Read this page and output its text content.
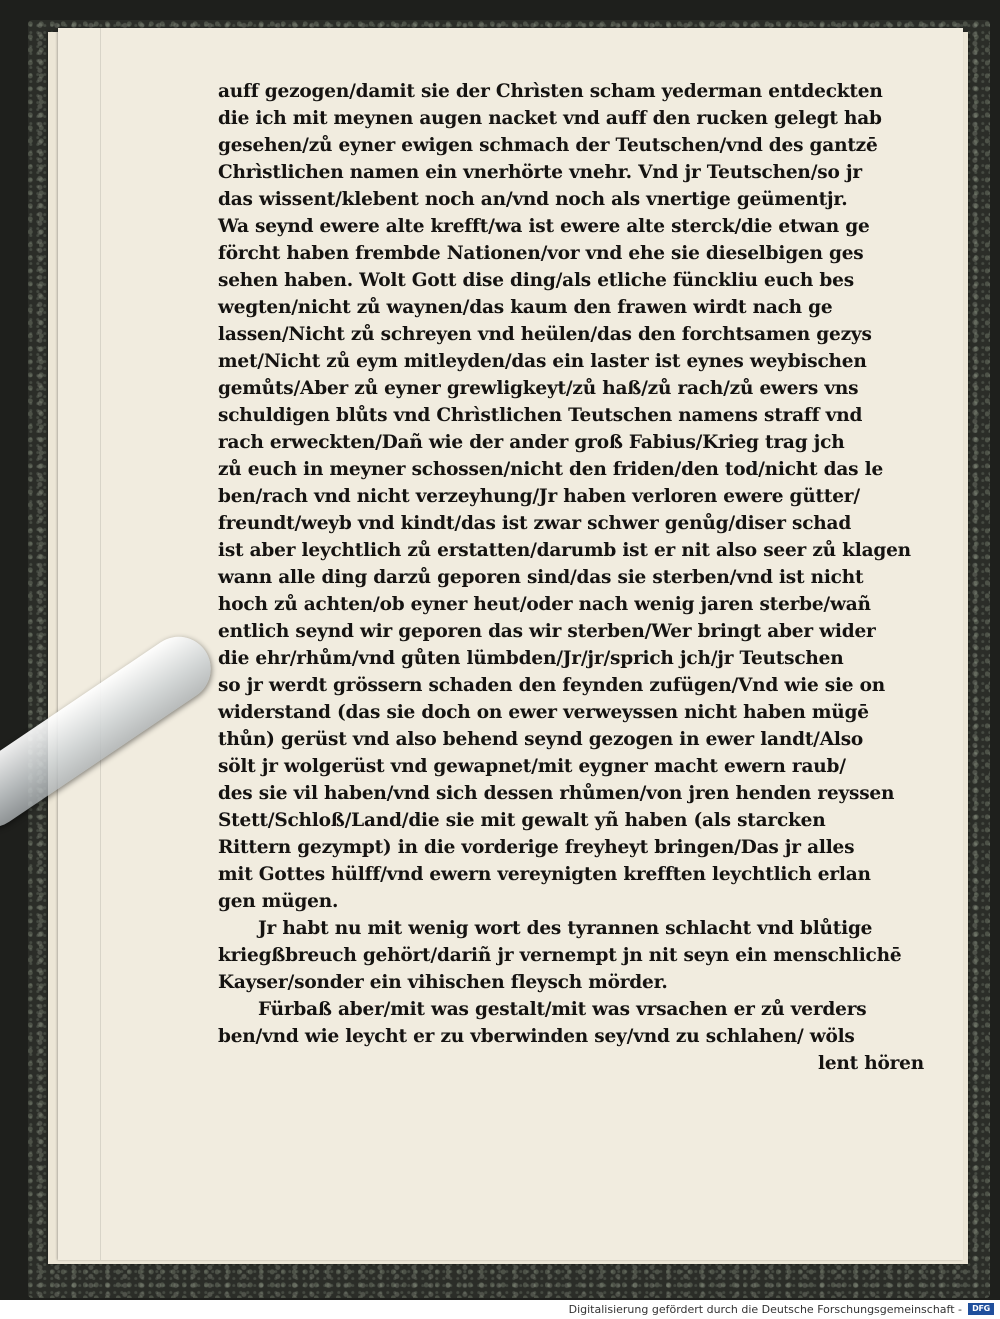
auff gezogen/damit sie der Chrìsten scham yederman entdeckten
die ich mit meynen augen nacket vnd auff den rucken gelegt hab
gesehen/zů eyner ewigen schmach der Teutschen/vnd des gantzē
Chrìstlichen namen ein vnerhörte vnehr. Vnd jr Teutschen/so jr
das wissent/klebent noch an/vnd noch als vnertige geümentjr.
Wa seynd ewere alte krefft/wa ist ewere alte sterck/die etwan ge
förcht haben frembde Nationen/vor vnd ehe sie dieselbigen ges
sehen haben. Wolt Gott dise ding/als etliche fünckliu euch bes
wegten/nicht zů waynen/das kaum den frawen wirdt nach ge
lassen/Nicht zů schreyen vnd heülen/das den forchtsamen gezys
met/Nicht zů eym mitleyden/das ein laster ist eynes weybischen
gemůts/Aber zů eyner grewligkeyt/zů haß/zů rach/zů ewers vns
schuldigen blůts vnd Chrìstlichen Teutschen namens straff vnd
rach erweckten/Dañ wie der ander groß Fabius/Krieg trag jch
zů euch in meyner schossen/nicht den friden/den tod/nicht das le
ben/rach vnd nicht verzeyhung/Jr haben verloren ewere gütter/
freundt/weyb vnd kindt/das ist zwar schwer genůg/diser schad
ist aber leychtlich zů erstatten/darumb ist er nit also seer zů klagen
wann alle ding darzů geporen sind/das sie sterben/vnd ist nicht
hoch zů achten/ob eyner heut/oder nach wenig jaren sterbe/wañ
entlich seynd wir geporen das wir sterben/Wer bringt aber wider
die ehr/rhům/vnd gůten lümbden/Jr/jr/sprich jch/jr Teutschen
so jr werdt grössern schaden den feynden zufügen/Vnd wie sie on
widerstand (das sie doch on ewer verweyssen nicht haben mügē
thůn) gerüst vnd also behend seynd gezogen in ewer landt/Also
sölt jr wolgerüst vnd gewapnet/mit eygner macht ewern raub/
des sie vil haben/vnd sich dessen rhůmen/von jren henden reyssen
Stett/Schloß/Land/die sie mit gewalt yñ haben (als starcken
Rittern gezympt) in die vorderige freyheyt bringen/Das jr alles
mit Gottes hülff/vnd ewern vereynigten krefften leychtlich erlan
gen mügen.
Jr habt nu mit wenig wort des tyrannen schlacht vnd blůtige
kriegßbreuch gehört/dariñ jr vernempt jn nit seyn ein menschlichē
Kayser/sonder ein vihischen fleysch mörder.
Fürbaß aber/mit was gestalt/mit was vrsachen er zů verders
ben/vnd wie leycht er zu vberwinden sey/vnd zu schlahen/ wöls
lent hören
Digitalisierung gefördert durch die Deutsche Forschungsgemeinschaft -	DFG
